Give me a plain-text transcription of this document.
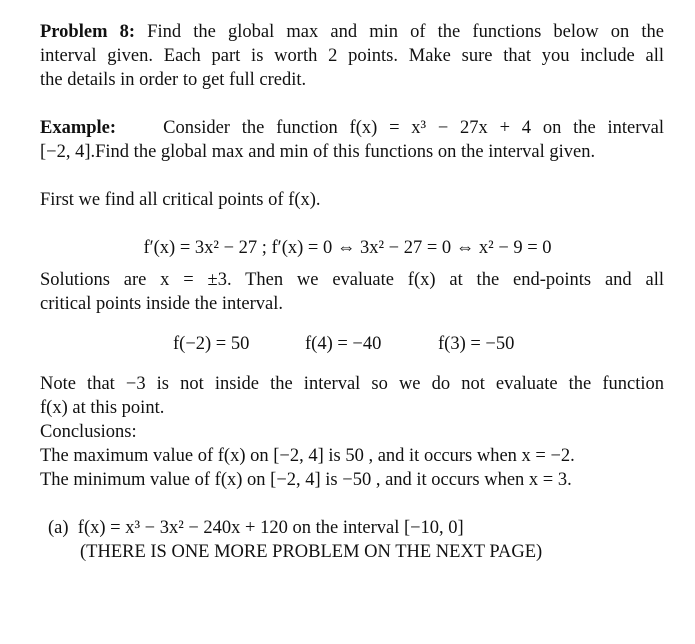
Problem 8: Find the global max and min of the functions below on the
interval given. Each part is worth 2 points. Make sure that you include all
the details in order to get full credit.
Example:	Consider the function f(x) = x³ − 27x + 4 on the interval
[−2, 4].Find the global max and min of this functions on the interval given.
First we find all critical points of f(x).
f′(x) = 3x² − 27 ; f′(x) = 0 ⇔ 3x² − 27 = 0 ⇔ x² − 9 = 0
Solutions are x = ±3. Then we evaluate f(x) at the end-points and all
critical points inside the interval.
f(−2) = 50	f(4) = −40	f(3) = −50
Note that −3 is not inside the interval so we do not evaluate the function
f(x) at this point.
Conclusions:
The maximum value of f(x) on [−2, 4] is 50 , and it occurs when x = −2.
The minimum value of f(x) on [−2, 4] is −50 , and it occurs when x = 3.
(a) f(x) = x³ − 3x² − 240x + 120 on the interval [−10, 0]
(THERE IS ONE MORE PROBLEM ON THE NEXT PAGE)
